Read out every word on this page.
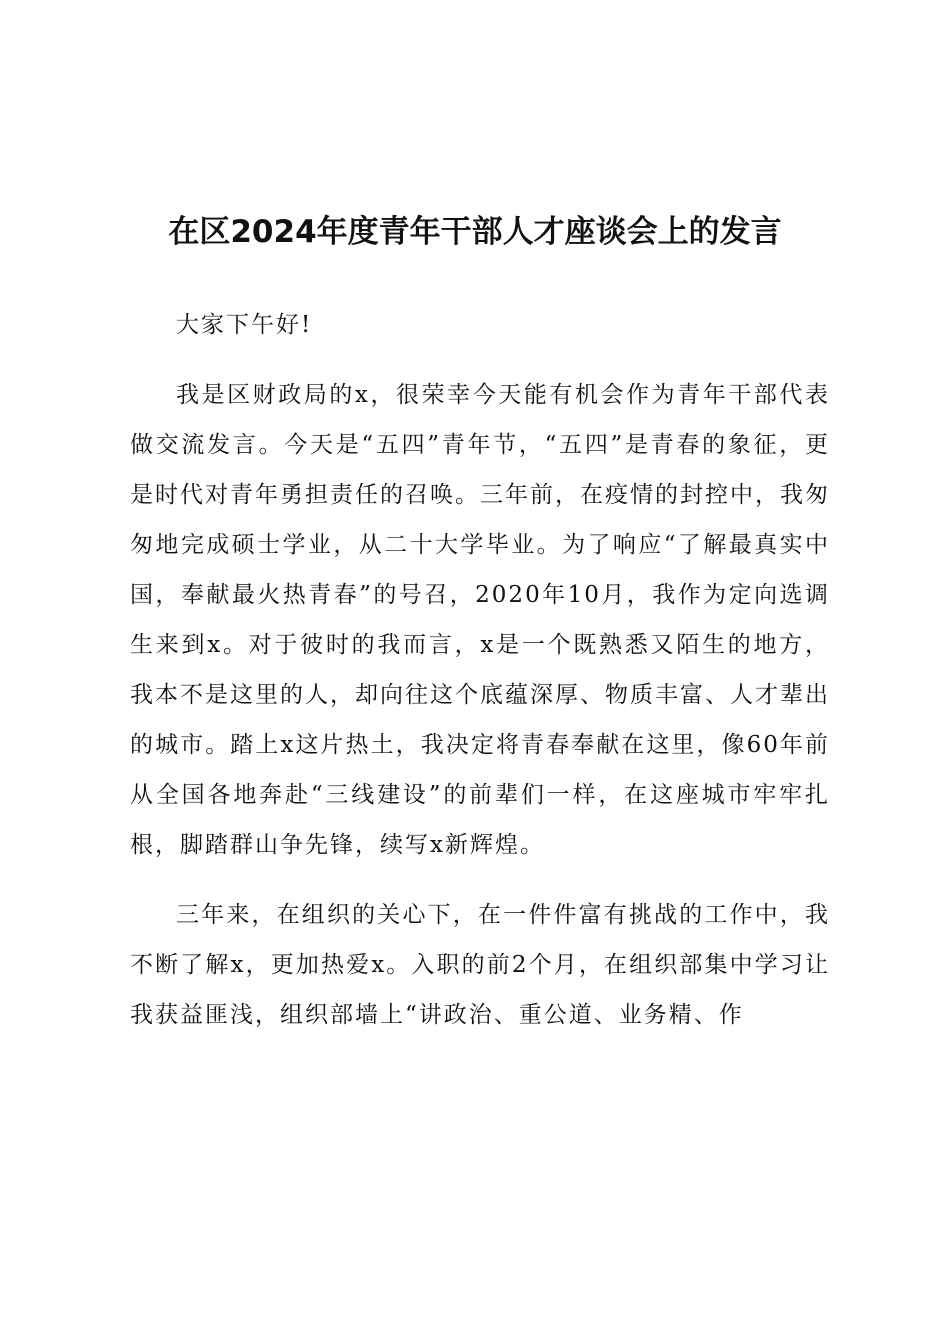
在区2024年度青年干部人才座谈会上的发言

大家下午好!

我是区财政局的x，很荣幸今天能有机会作为青年干部代表做交流发言。今天是“五四”青年节，“五四”是青春的象征，更是时代对青年勇担责任的召唤。三年前，在疫情的封控中，我匆匆地完成硕士学业，从二十大学毕业。为了响应“了解最真实中国，奉献最火热青春”的号召，2020年10月，我作为定向选调生来到x。对于彼时的我而言，x是一个既熟悉又陌生的地方，我本不是这里的人，却向往这个底蕴深厚、物质丰富、人才辈出的城市。踏上x这片热土，我决定将青春奉献在这里，像60年前从全国各地奔赴“三线建设”的前辈们一样，在这座城市牢牢扎根，脚踏群山争先锋，续写x新辉煌。

三年来，在组织的关心下，在一件件富有挑战的工作中，我不断了解x，更加热爱x。入职的前2个月，在组织部集中学习让我获益匪浅，组织部墙上“讲政治、重公道、业务精、作
